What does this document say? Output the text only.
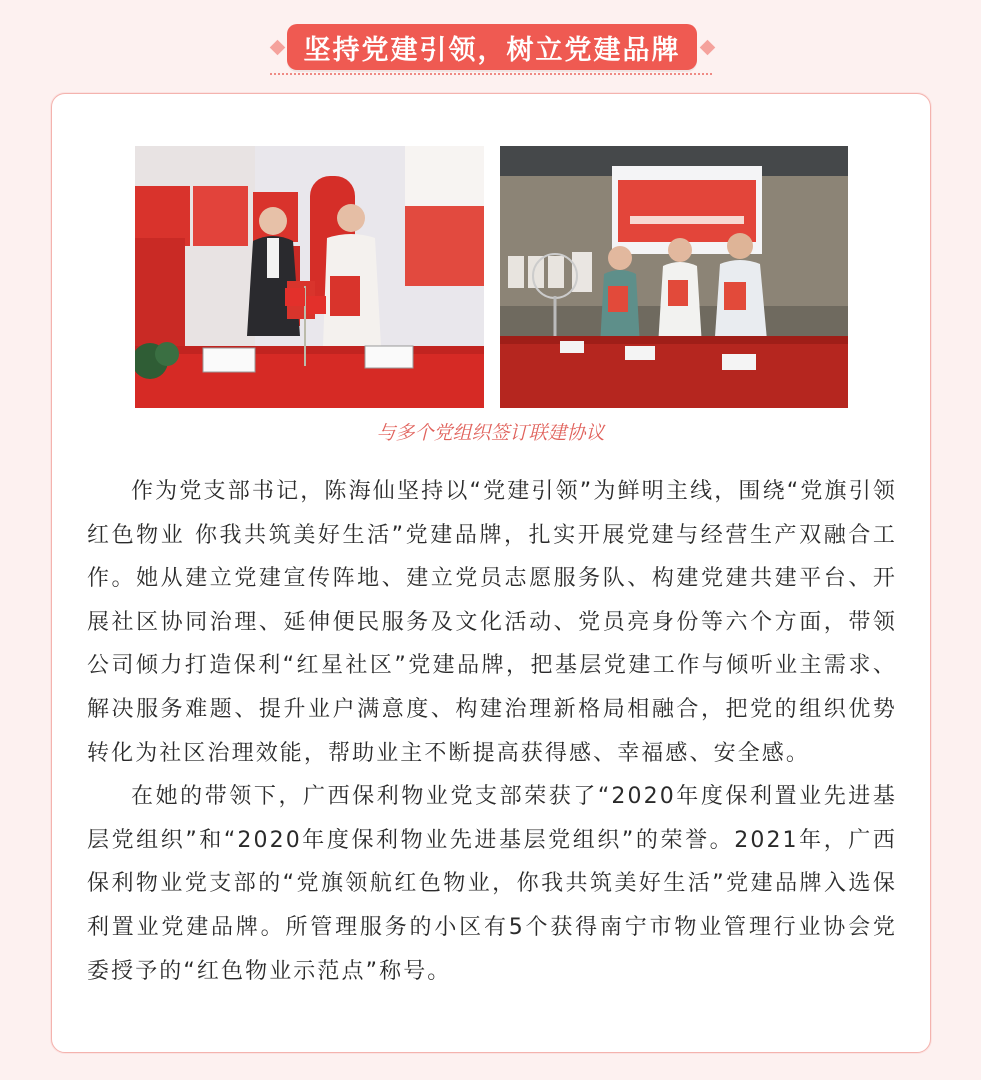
坚持党建引领，树立党建品牌
与多个党组织签订联建协议

作为党支部书记，陈海仙坚持以“党建引领”为鲜明主线，围绕“党旗引领红色物业 你我共筑美好生活”党建品牌，扎实开展党建与经营生产双融合工作。她从建立党建宣传阵地、建立党员志愿服务队、构建党建共建平台、开展社区协同治理、延伸便民服务及文化活动、党员亮身份等六个方面，带领公司倾力打造保利“红星社区”党建品牌，把基层党建工作与倾听业主需求、解决服务难题、提升业户满意度、构建治理新格局相融合，把党的组织优势转化为社区治理效能，帮助业主不断提高获得感、幸福感、安全感。

在她的带领下，广西保利物业党支部荣获了“2020年度保利置业先进基层党组织”和“2020年度保利物业先进基层党组织”的荣誉。2021年，广西保利物业党支部的“党旗领航红色物业，你我共筑美好生活”党建品牌入选保利置业党建品牌。所管理服务的小区有5个获得南宁市物业管理行业协会党委授予的“红色物业示范点”称号。
